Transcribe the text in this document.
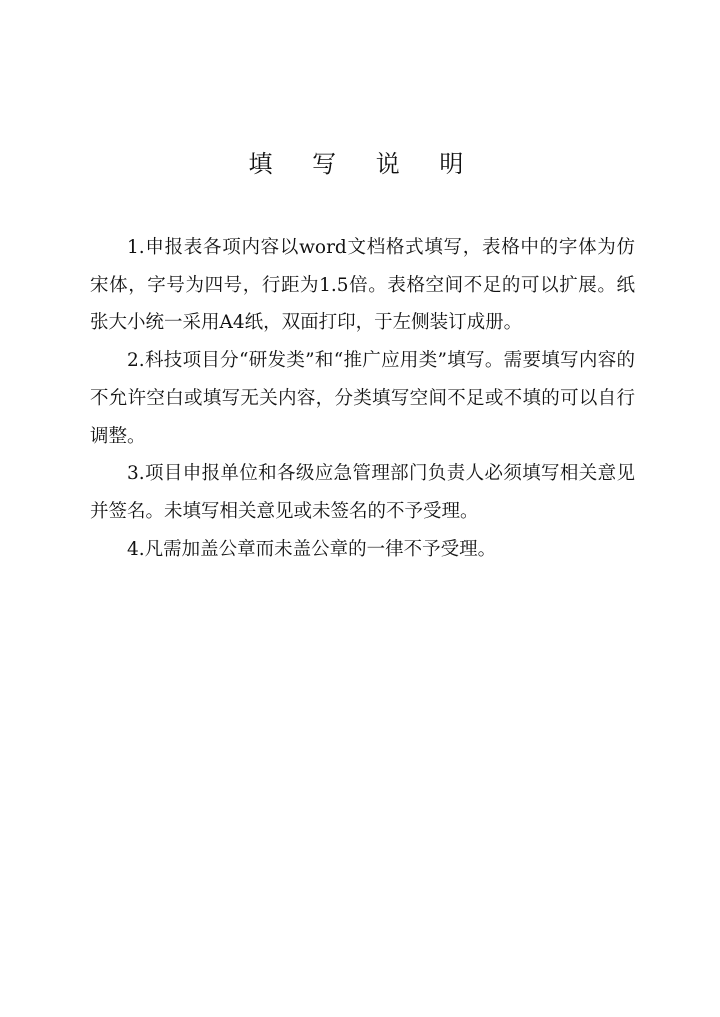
填 写 说 明

1.申报表各项内容以word文档格式填写，表格中的字体为仿宋体，字号为四号，行距为1.5倍。表格空间不足的可以扩展。纸张大小统一采用A4纸，双面打印，于左侧装订成册。

2.科技项目分“研发类”和“推广应用类”填写。需要填写内容的不允许空白或填写无关内容，分类填写空间不足或不填的可以自行调整。

3.项目申报单位和各级应急管理部门负责人必须填写相关意见并签名。未填写相关意见或未签名的不予受理。

4.凡需加盖公章而未盖公章的一律不予受理。
